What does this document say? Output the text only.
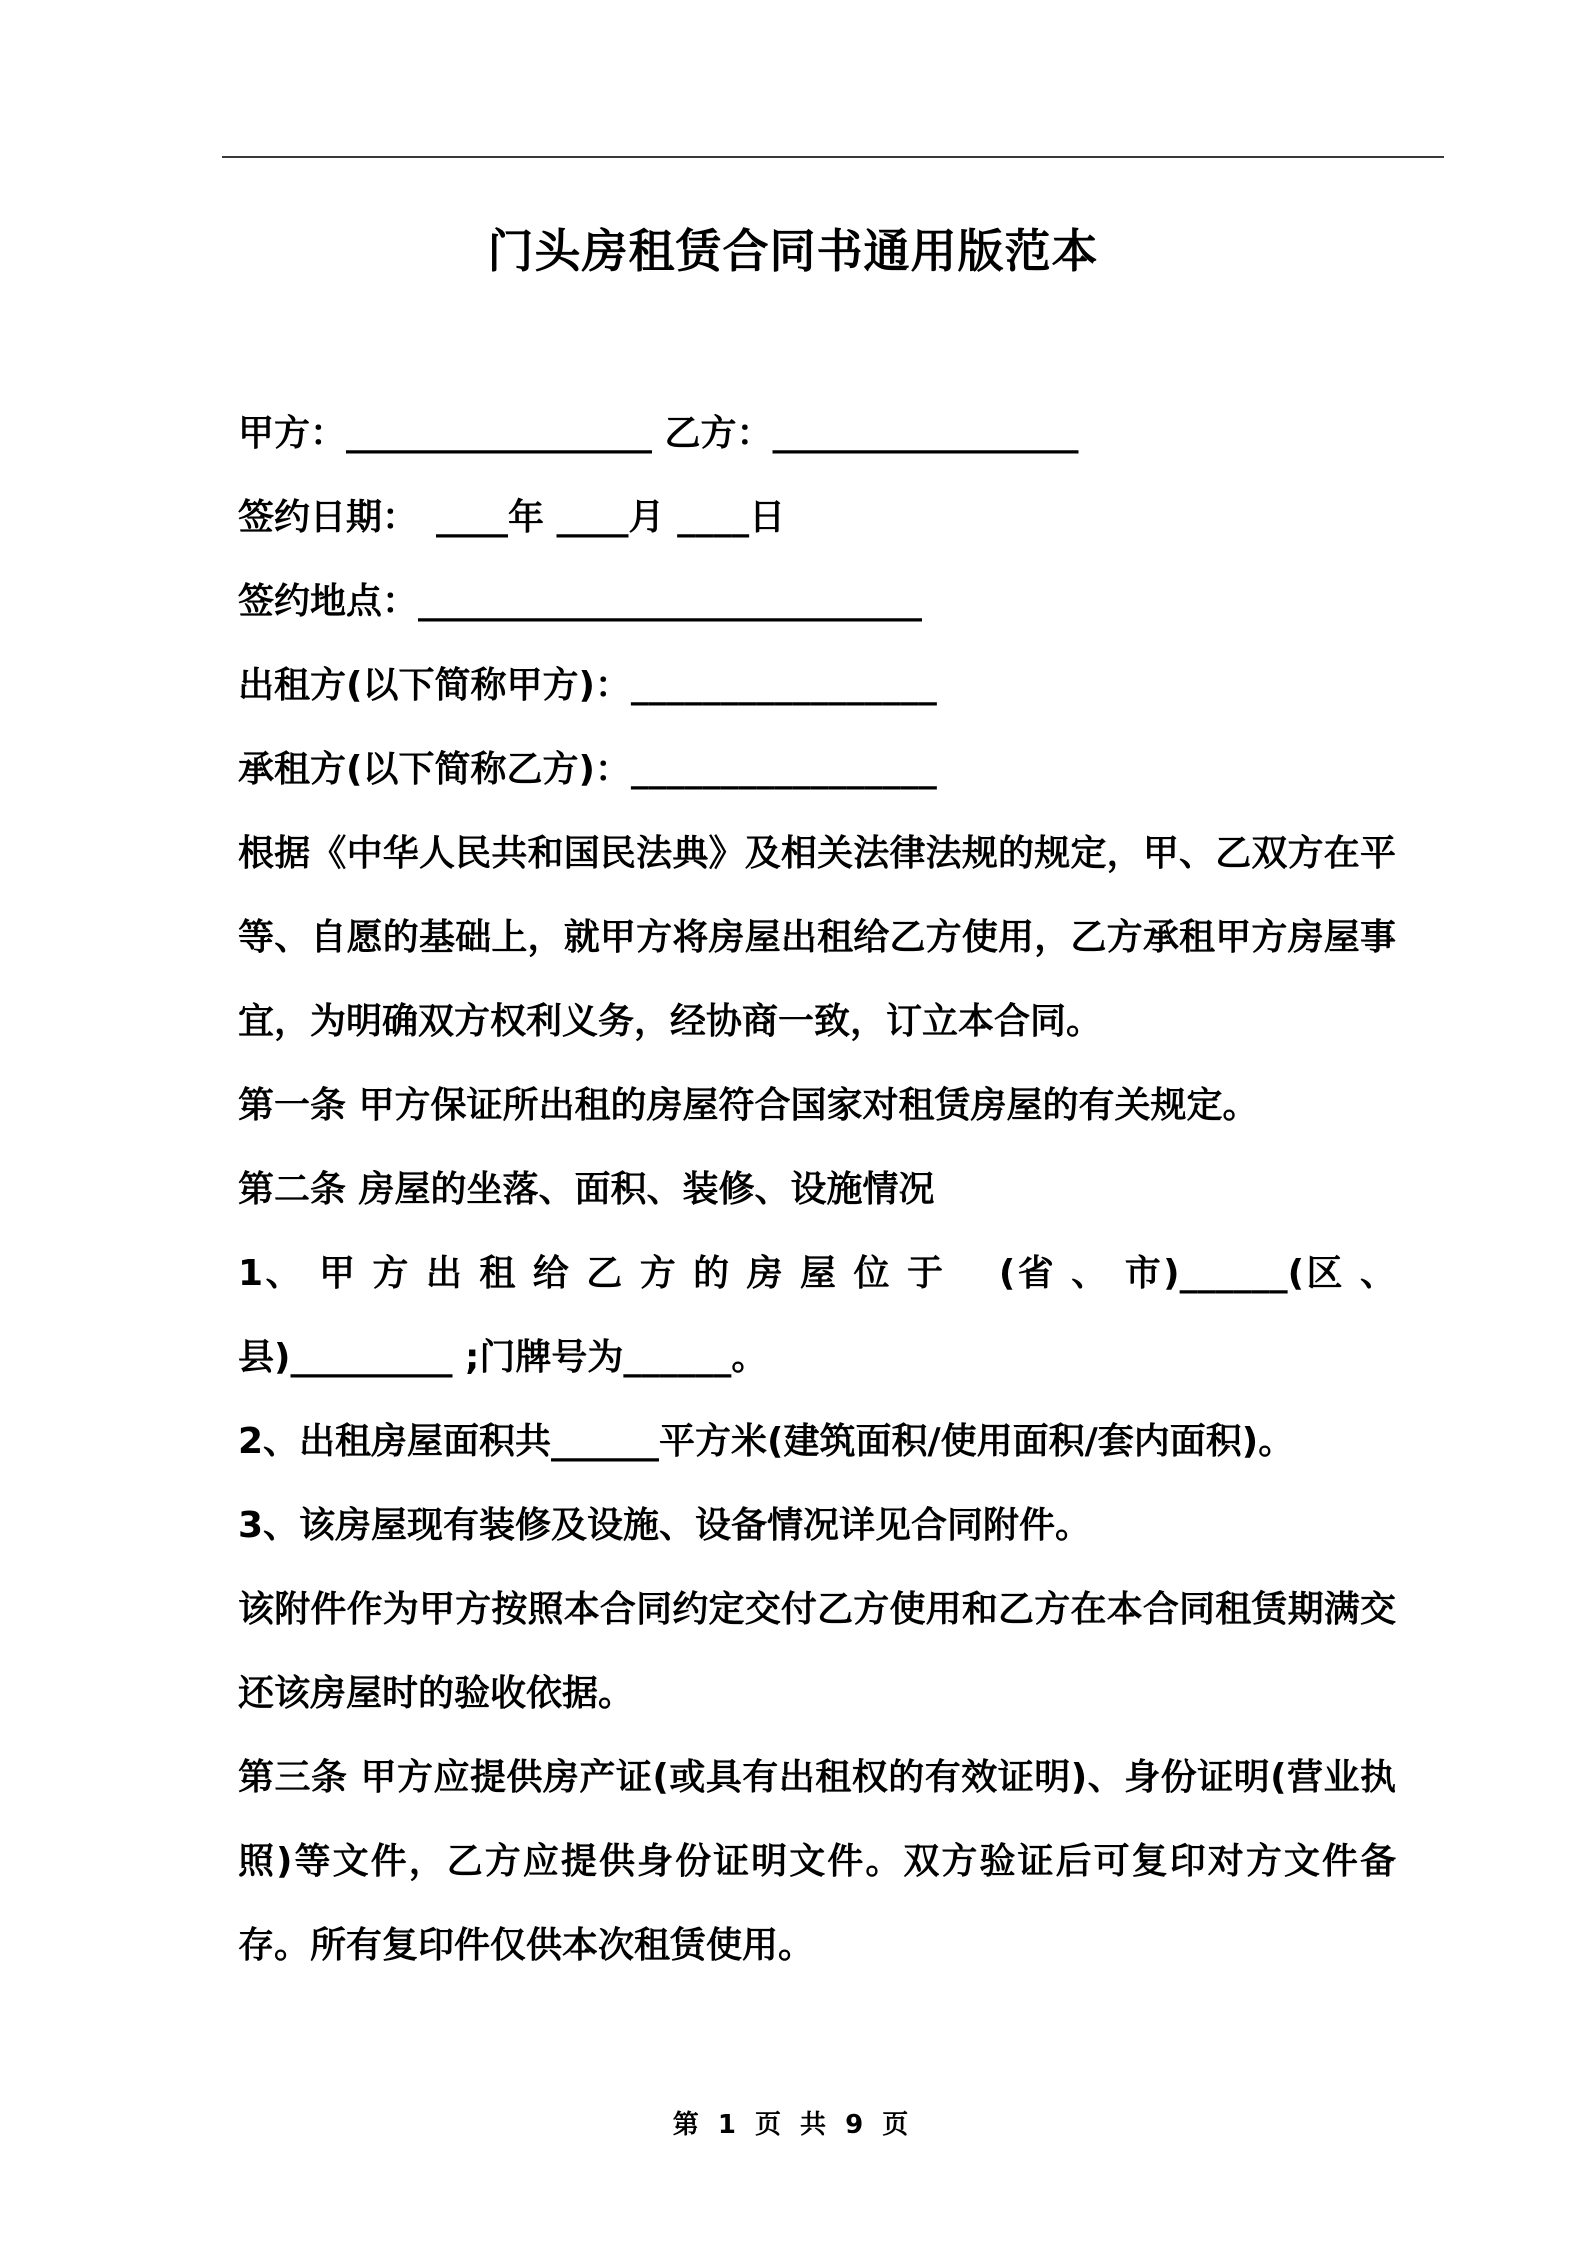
门头房租赁合同书通用版范本

甲方：_________________ 乙方：_________________

签约日期：　____年 ____月 ____日

签约地点：____________________________

出租方(以下简称甲方)：_________________

承租方(以下简称乙方)：_________________

根据《中华人民共和国民法典》及相关法律法规的规定，甲、乙双方在平等、自愿的基础上，就甲方将房屋出租给乙方使用，乙方承租甲方房屋事宜，为明确双方权利义务，经协商一致，订立本合同。

第一条 甲方保证所出租的房屋符合国家对租赁房屋的有关规定。

第二条 房屋的坐落、面积、装修、设施情况

1、 甲 方 出 租 给 乙 方 的 房 屋 位 于　 (省 、 市)______(区 、县)_________ ;门牌号为______。

2、出租房屋面积共______平方米(建筑面积/使用面积/套内面积)。

3、该房屋现有装修及设施、设备情况详见合同附件。

该附件作为甲方按照本合同约定交付乙方使用和乙方在本合同租赁期满交还该房屋时的验收依据。

第三条 甲方应提供房产证(或具有出租权的有效证明)、身份证明(营业执照)等文件，乙方应提供身份证明文件。双方验证后可复印对方文件备存。所有复印件仅供本次租赁使用。

第 1 页 共 9 页
